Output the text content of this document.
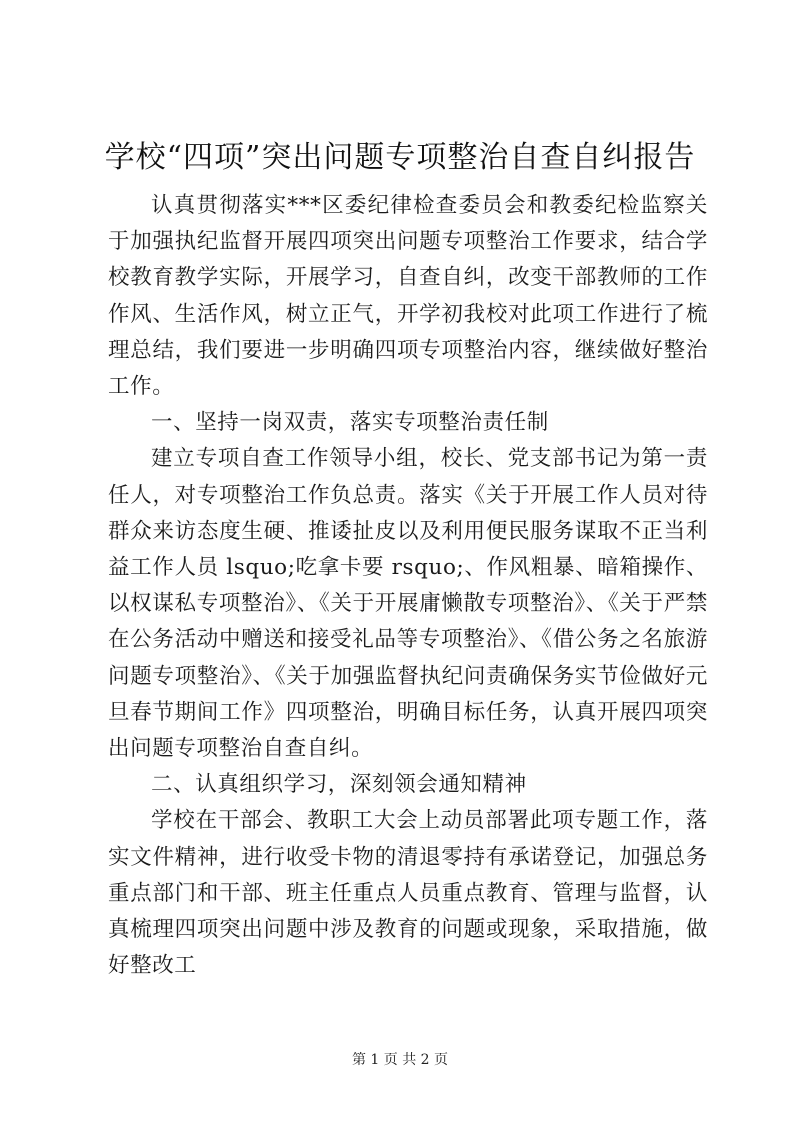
学校“四项”突出问题专项整治自查自纠报告

认真贯彻落实***区委纪律检查委员会和教委纪检监察关于加强执纪监督开展四项突出问题专项整治工作要求，结合学校教育教学实际，开展学习，自查自纠，改变干部教师的工作作风、生活作风，树立正气，开学初我校对此项工作进行了梳理总结，我们要进一步明确四项专项整治内容，继续做好整治工作。

一、坚持一岗双责，落实专项整治责任制

建立专项自查工作领导小组，校长、党支部书记为第一责任人，对专项整治工作负总责。落实《关于开展工作人员对待群众来访态度生硬、推诿扯皮以及利用便民服务谋取不正当利益工作人员 lsquo;吃拿卡要 rsquo;、作风粗暴、暗箱操作、以权谋私专项整治》、《关于开展庸懒散专项整治》、《关于严禁在公务活动中赠送和接受礼品等专项整治》、《借公务之名旅游问题专项整治》、《关于加强监督执纪问责确保务实节俭做好元旦春节期间工作》四项整治，明确目标任务，认真开展四项突出问题专项整治自查自纠。

二、认真组织学习，深刻领会通知精神

学校在干部会、教职工大会上动员部署此项专题工作，落实文件精神，进行收受卡物的清退零持有承诺登记，加强总务重点部门和干部、班主任重点人员重点教育、管理与监督，认真梳理四项突出问题中涉及教育的问题或现象，采取措施，做好整改工

第 1 页 共 2 页
